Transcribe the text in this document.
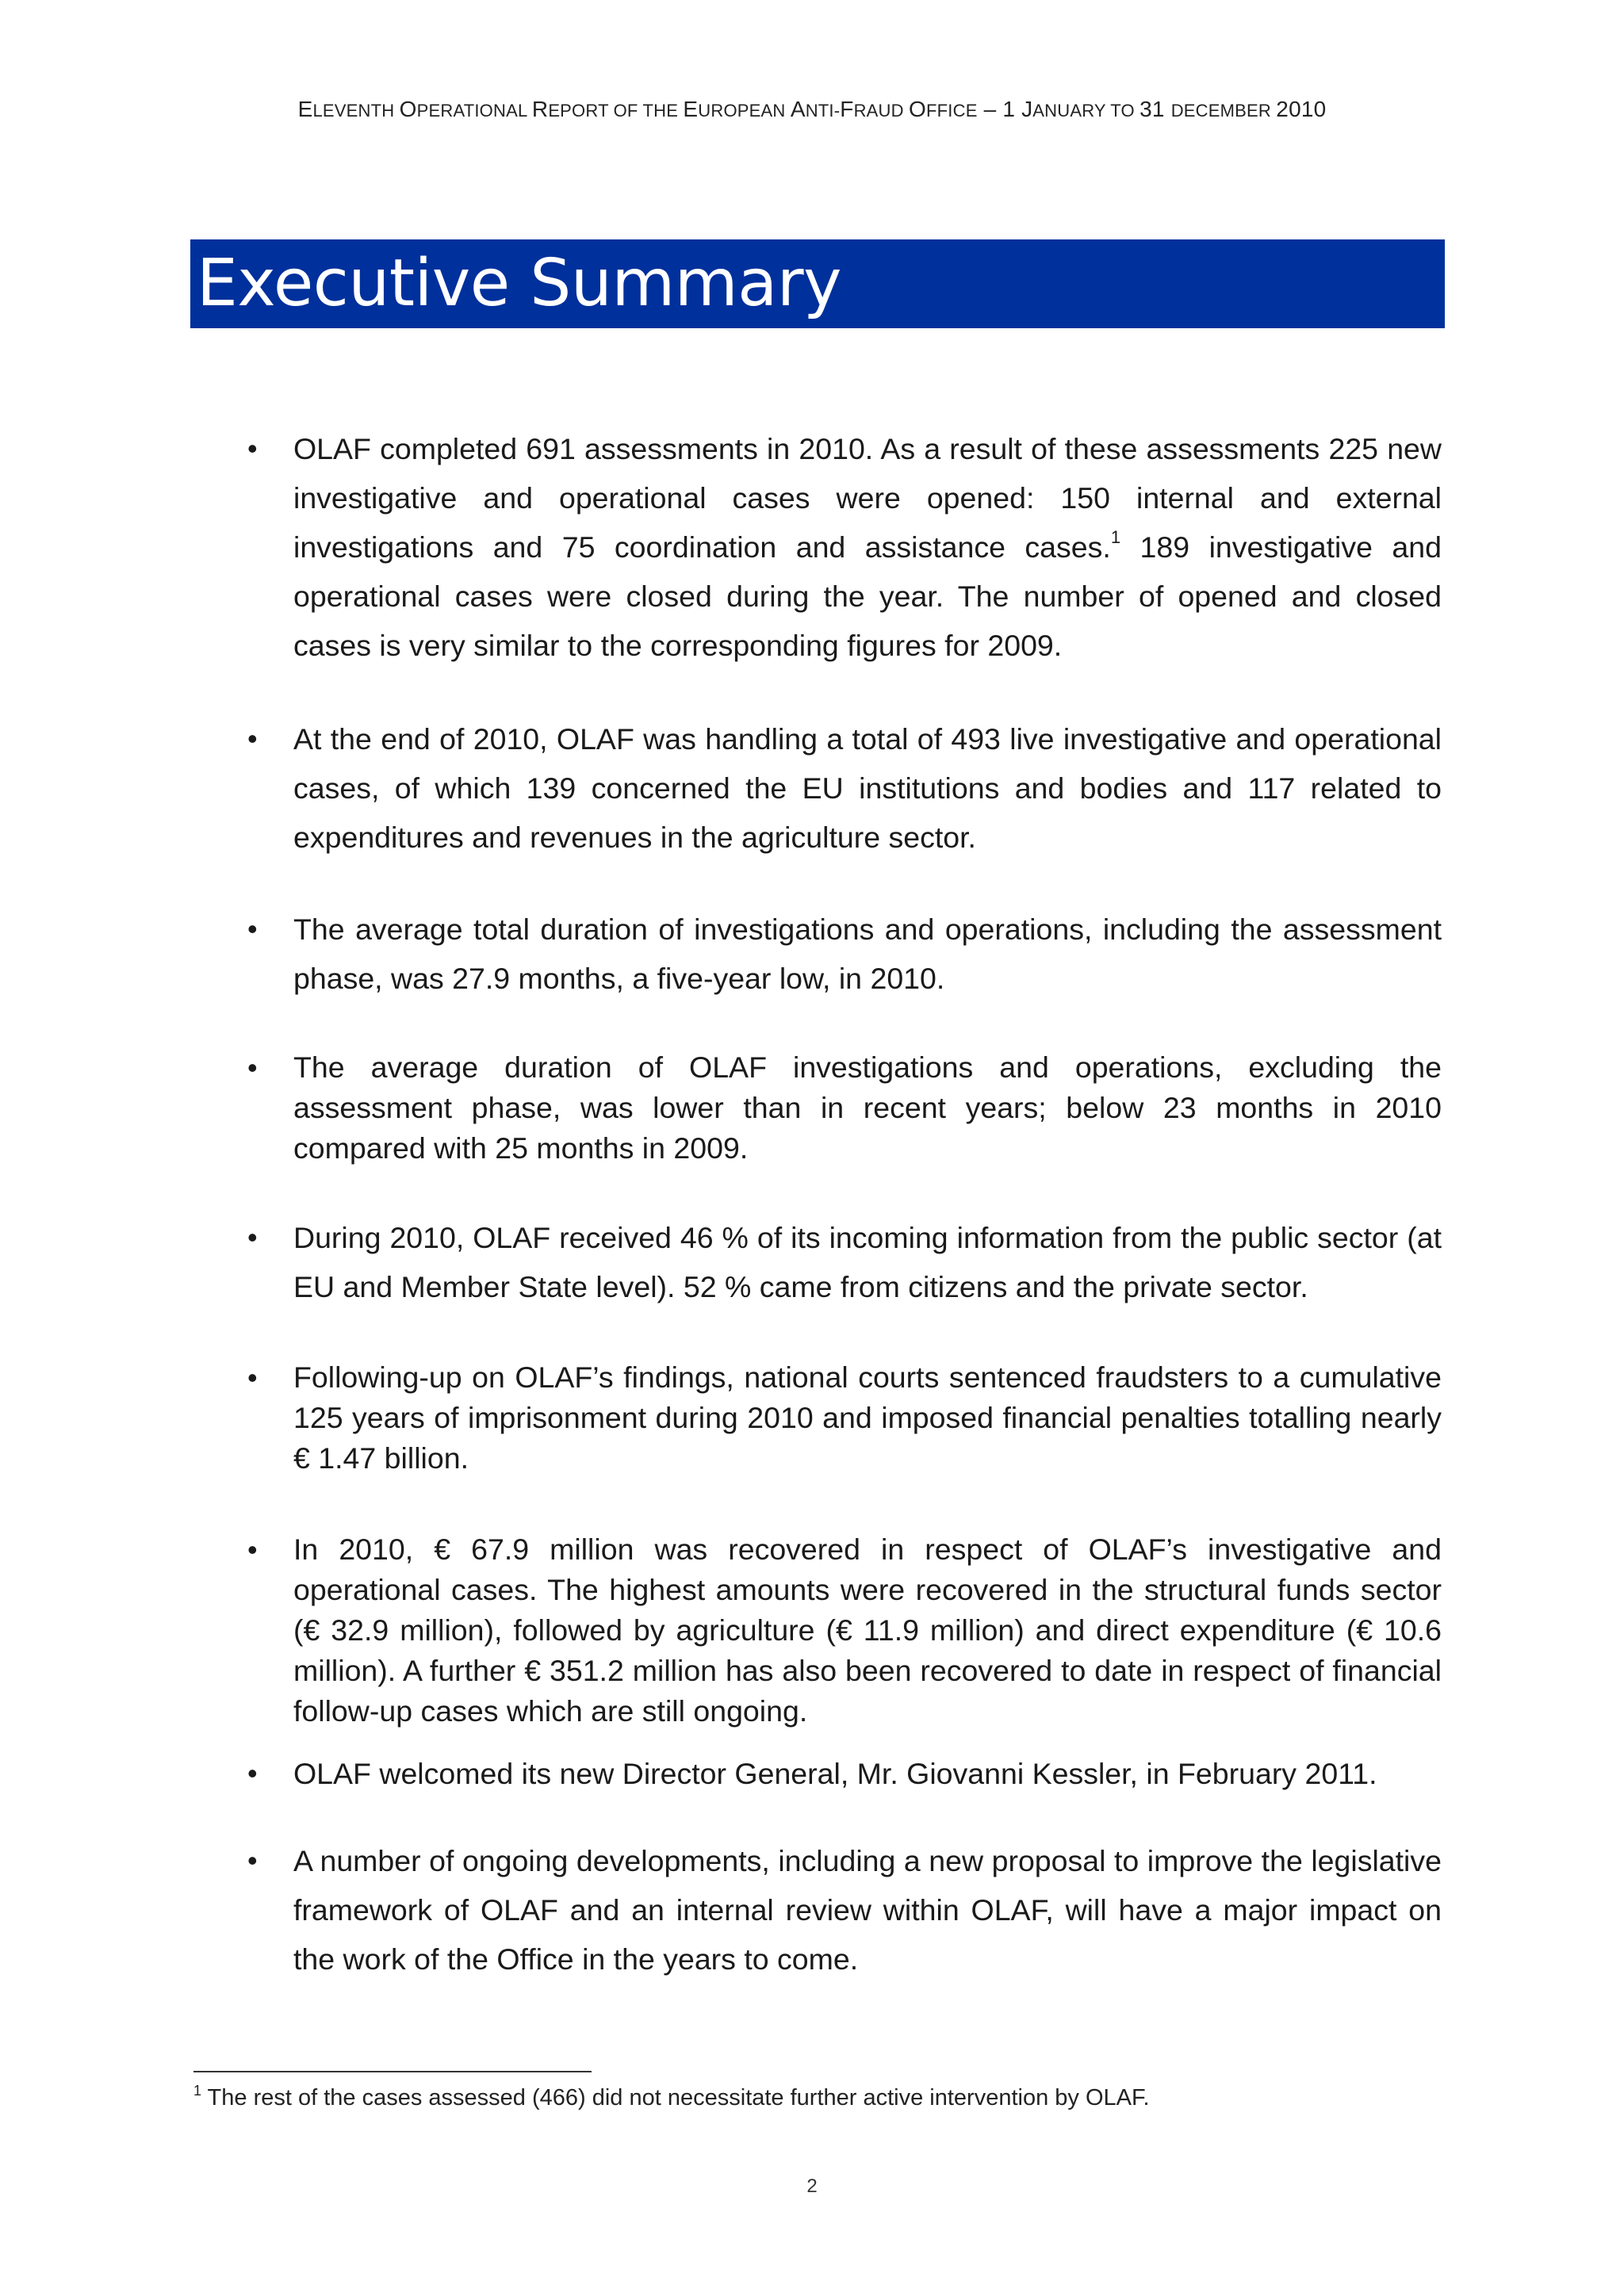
ELEVENTH OPERATIONAL REPORT OF THE EUROPEAN ANTI-FRAUD OFFICE – 1 JANUARY TO 31 DECEMBER 2010
Executive Summary
• OLAF completed 691 assessments in 2010. As a result of these assessments 225 new investigative and operational cases were opened: 150 internal and external investigations and 75 coordination and assistance cases.$^1$ 189 investigative and operational cases were closed during the year. The number of opened and closed cases is very similar to the corresponding figures for 2009.
• At the end of 2010, OLAF was handling a total of 493 live investigative and operational cases, of which 139 concerned the EU institutions and bodies and 117 related to expenditures and revenues in the agriculture sector.
• The average total duration of investigations and operations, including the assessment phase, was 27.9 months, a five-year low, in 2010.
• The average duration of OLAF investigations and operations, excluding the assessment phase, was lower than in recent years; below 23 months in 2010 compared with 25 months in 2009.
• During 2010, OLAF received 46 % of its incoming information from the public sector (at EU and Member State level). 52 % came from citizens and the private sector.
• Following-up on OLAF’s findings, national courts sentenced fraudsters to a cumulative 125 years of imprisonment during 2010 and imposed financial penalties totalling nearly € 1.47 billion.
• In 2010, € 67.9 million was recovered in respect of OLAF’s investigative and operational cases. The highest amounts were recovered in the structural funds sector (€ 32.9 million), followed by agriculture (€ 11.9 million) and direct expenditure (€ 10.6 million). A further € 351.2 million has also been recovered to date in respect of financial follow-up cases which are still ongoing.
• OLAF welcomed its new Director General, Mr. Giovanni Kessler, in February 2011.
• A number of ongoing developments, including a new proposal to improve the legislative framework of OLAF and an internal review within OLAF, will have a major impact on the work of the Office in the years to come.
$^1$ The rest of the cases assessed (466) did not necessitate further active intervention by OLAF.
2
